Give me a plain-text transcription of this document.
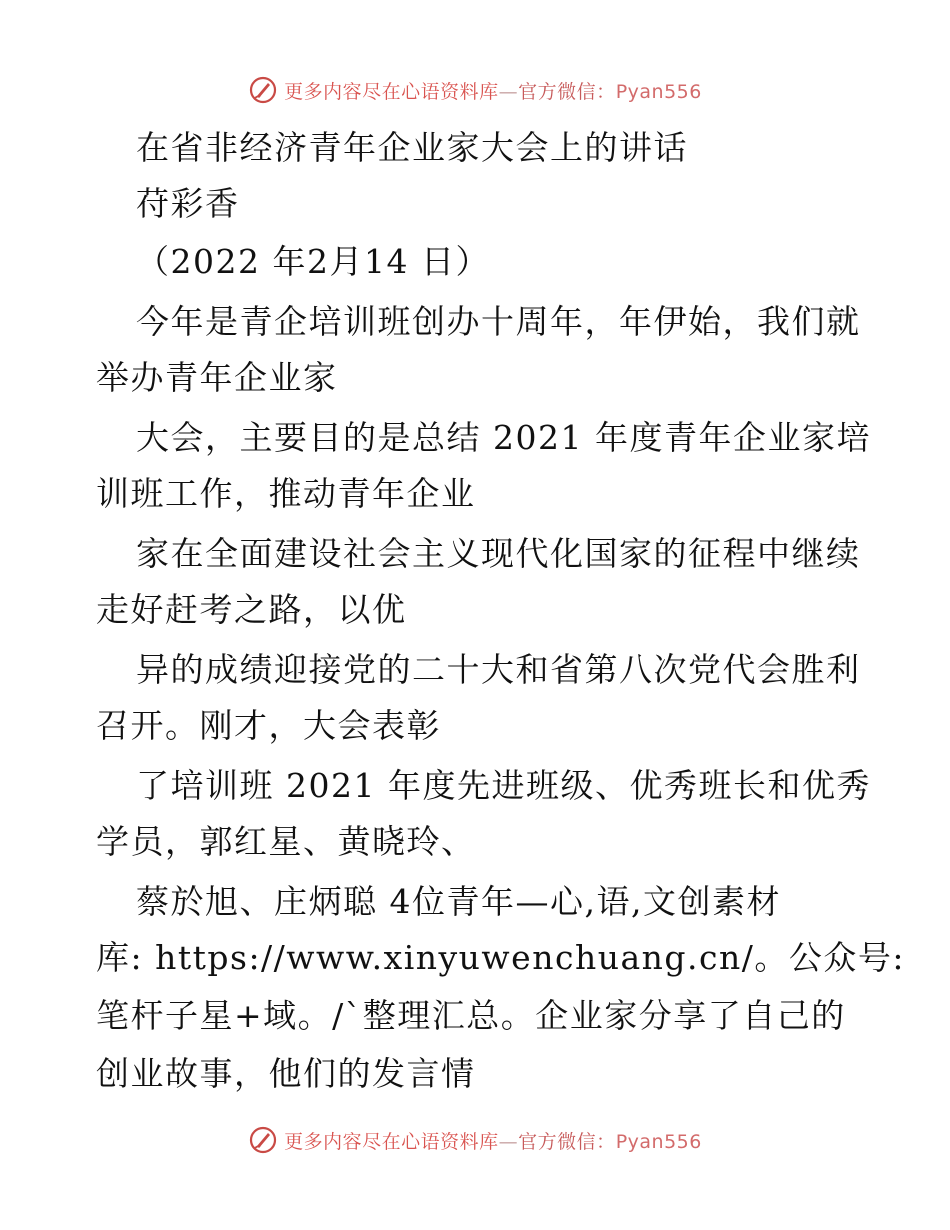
更多内容尽在心语资料库—官方微信：Pyan556
在省非经济青年企业家大会上的讲话
苻彩香
（2022 年2月14 日）
今年是青企培训班创办十周年，年伊始，我们就
举办青年企业家
大会，主要目的是总结 2021 年度青年企业家培
训班工作，推动青年企业
家在全面建设社会主义现代化国家的征程中继续
走好赶考之路，以优
异的成绩迎接党的二十大和省第八次党代会胜利
召开。刚才，大会表彰
了培训班 2021 年度先进班级、优秀班长和优秀
学员，郭红星、黄晓玲、
蔡於旭、庄炳聪 4位青年—心,语,文创素材
库: https://www.xinyuwenchuang.cn/。公众号:
笔杆子星+域。/`整理汇总。企业家分享了自己的
创业故事，他们的发言情
更多内容尽在心语资料库—官方微信：Pyan556
